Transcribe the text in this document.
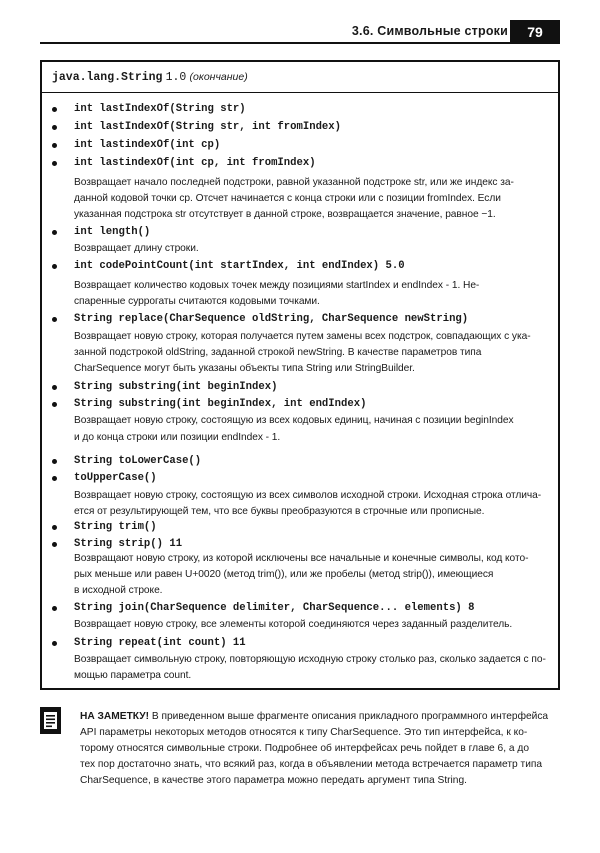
3.6. Символьные строки	79
java.lang.String 1.0 (окончание)
int lastIndexOf(String str)
int lastIndexOf(String str, int fromIndex)
int lastindexOf(int cp)
int lastindexOf(int cp, int fromIndex)
Возвращает начало последней подстроки, равной указанной подстроке str, или же индекс за-
данной кодовой точки cp. Отсчет начинается с конца строки или с позиции fromIndex. Если
указанная подстрока str отсутствует в данной строке, возвращается значение, равное −1.
int length()
Возвращает длину строки.
int codePointCount(int startIndex, int endIndex) 5.0
Возвращает количество кодовых точек между позициями startIndex и endIndex - 1. Не-
спаренные суррогаты считаются кодовыми точками.
String replace(CharSequence oldString, CharSequence newString)
Возвращает новую строку, которая получается путем замены всех подстрок, совпадающих с ука-
занной подстрокой oldString, заданной строкой newString. В качестве параметров типа
CharSequence могут быть указаны объекты типа String или StringBuilder.
String substring(int beginIndex)
String substring(int beginIndex, int endIndex)
Возвращает новую строку, состоящую из всех кодовых единиц, начиная с позиции beginIndex
и до конца строки или позиции endIndex - 1.
String toLowerCase()
toUpperCase()
Возвращает новую строку, состоящую из всех символов исходной строки. Исходная строка отлича-
ется от результирующей тем, что все буквы преобразуются в строчные или прописные.
String trim()
String strip() 11
Возвращают новую строку, из которой исключены все начальные и конечные символы, код кото-
рых меньше или равен U+0020 (метод trim()), или же пробелы (метод strip()), имеющиеся
в исходной строке.
String join(CharSequence delimiter, CharSequence... elements) 8
Возвращает новую строку, все элементы которой соединяются через заданный разделитель.
String repeat(int count) 11
Возвращает символьную строку, повторяющую исходную строку столько раз, сколько задается с по-
мощью параметра count.
НА ЗАМЕТКУ! В приведенном выше фрагменте описания прикладного программного интерфейса
API параметры некоторых методов относятся к типу CharSequence. Это тип интерфейса, к ко-
торому относятся символьные строки. Подробнее об интерфейсах речь пойдет в главе 6, а до
тех пор достаточно знать, что всякий раз, когда в объявлении метода встречается параметр типа
CharSequence, в качестве этого параметра можно передать аргумент типа String.
